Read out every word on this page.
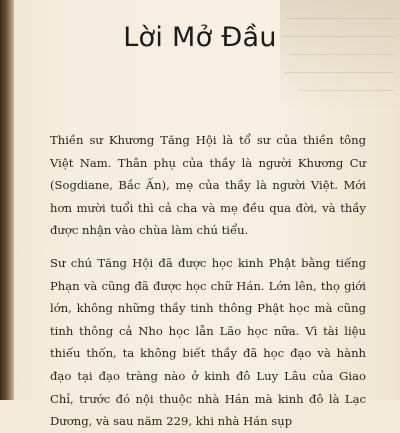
Lời Mở Đầu

Thiền sư Khương Tăng Hội là tổ sư của thiền tông Việt Nam. Thân phụ của thầy là người Khương Cư (Sogdiane, Bắc Ấn), mẹ của thầy là người Việt. Mới hơn mười tuổi thì cả cha và mẹ đều qua đời, và thầy được nhận vào chùa làm chú tiểu.

Sư chú Tăng Hội đã được học kinh Phật bằng tiếng Phạn và cũng đã được học chữ Hán. Lớn lên, thọ giới lớn, không những thầy tinh thông Phật học mà cũng tinh thông cả Nho học lẫn Lão học nữa. Vì tài liệu thiếu thốn, ta không biết thầy đã học đạo và hành đạo tại đạo tràng nào ở kinh đô Luy Lâu của Giao Chỉ, trước đó nội thuộc nhà Hán mà kinh đô là Lạc Dương, và sau năm 229, khi nhà Hán sụp
